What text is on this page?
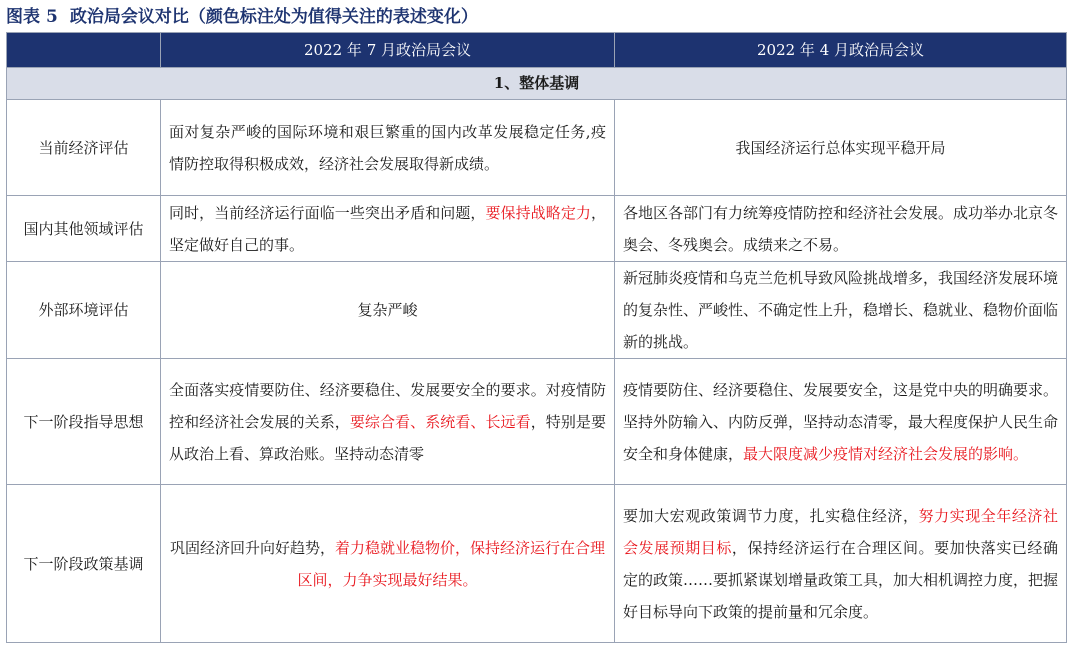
图表 5 政治局会议对比（颜色标注处为值得关注的表述变化）
	2022 年 7 月政治局会议	2022 年 4 月政治局会议
1、整体基调		
当前经济评估	面对复杂严峻的国际环境和艰巨繁重的国内改革发展稳定任务,疫情防控取得积极成效，经济社会发展取得新成绩。	我国经济运行总体实现平稳开局
国内其他领域评估	同时，当前经济运行面临一些突出矛盾和问题，要保持战略定力，坚定做好自己的事。	各地区各部门有力统筹疫情防控和经济社会发展。成功举办北京冬奥会、冬残奥会。成绩来之不易。
外部环境评估	复杂严峻	新冠肺炎疫情和乌克兰危机导致风险挑战增多，我国经济发展环境的复杂性、严峻性、不确定性上升，稳增长、稳就业、稳物价面临新的挑战。
下一阶段指导思想	全面落实疫情要防住、经济要稳住、发展要安全的要求。对疫情防控和经济社会发展的关系，要综合看、系统看、长远看，特别是要从政治上看、算政治账。坚持动态清零	疫情要防住、经济要稳住、发展要安全，这是党中央的明确要求。坚持外防输入、内防反弹，坚持动态清零，最大程度保护人民生命安全和身体健康，最大限度减少疫情对经济社会发展的影响。
下一阶段政策基调	巩固经济回升向好趋势，着力稳就业稳物价，保持经济运行在合理区间，力争实现最好结果。	要加大宏观政策调节力度，扎实稳住经济，努力实现全年经济社会发展预期目标，保持经济运行在合理区间。要加快落实已经确定的政策……要抓紧谋划增量政策工具，加大相机调控力度，把握好目标导向下政策的提前量和冗余度。
